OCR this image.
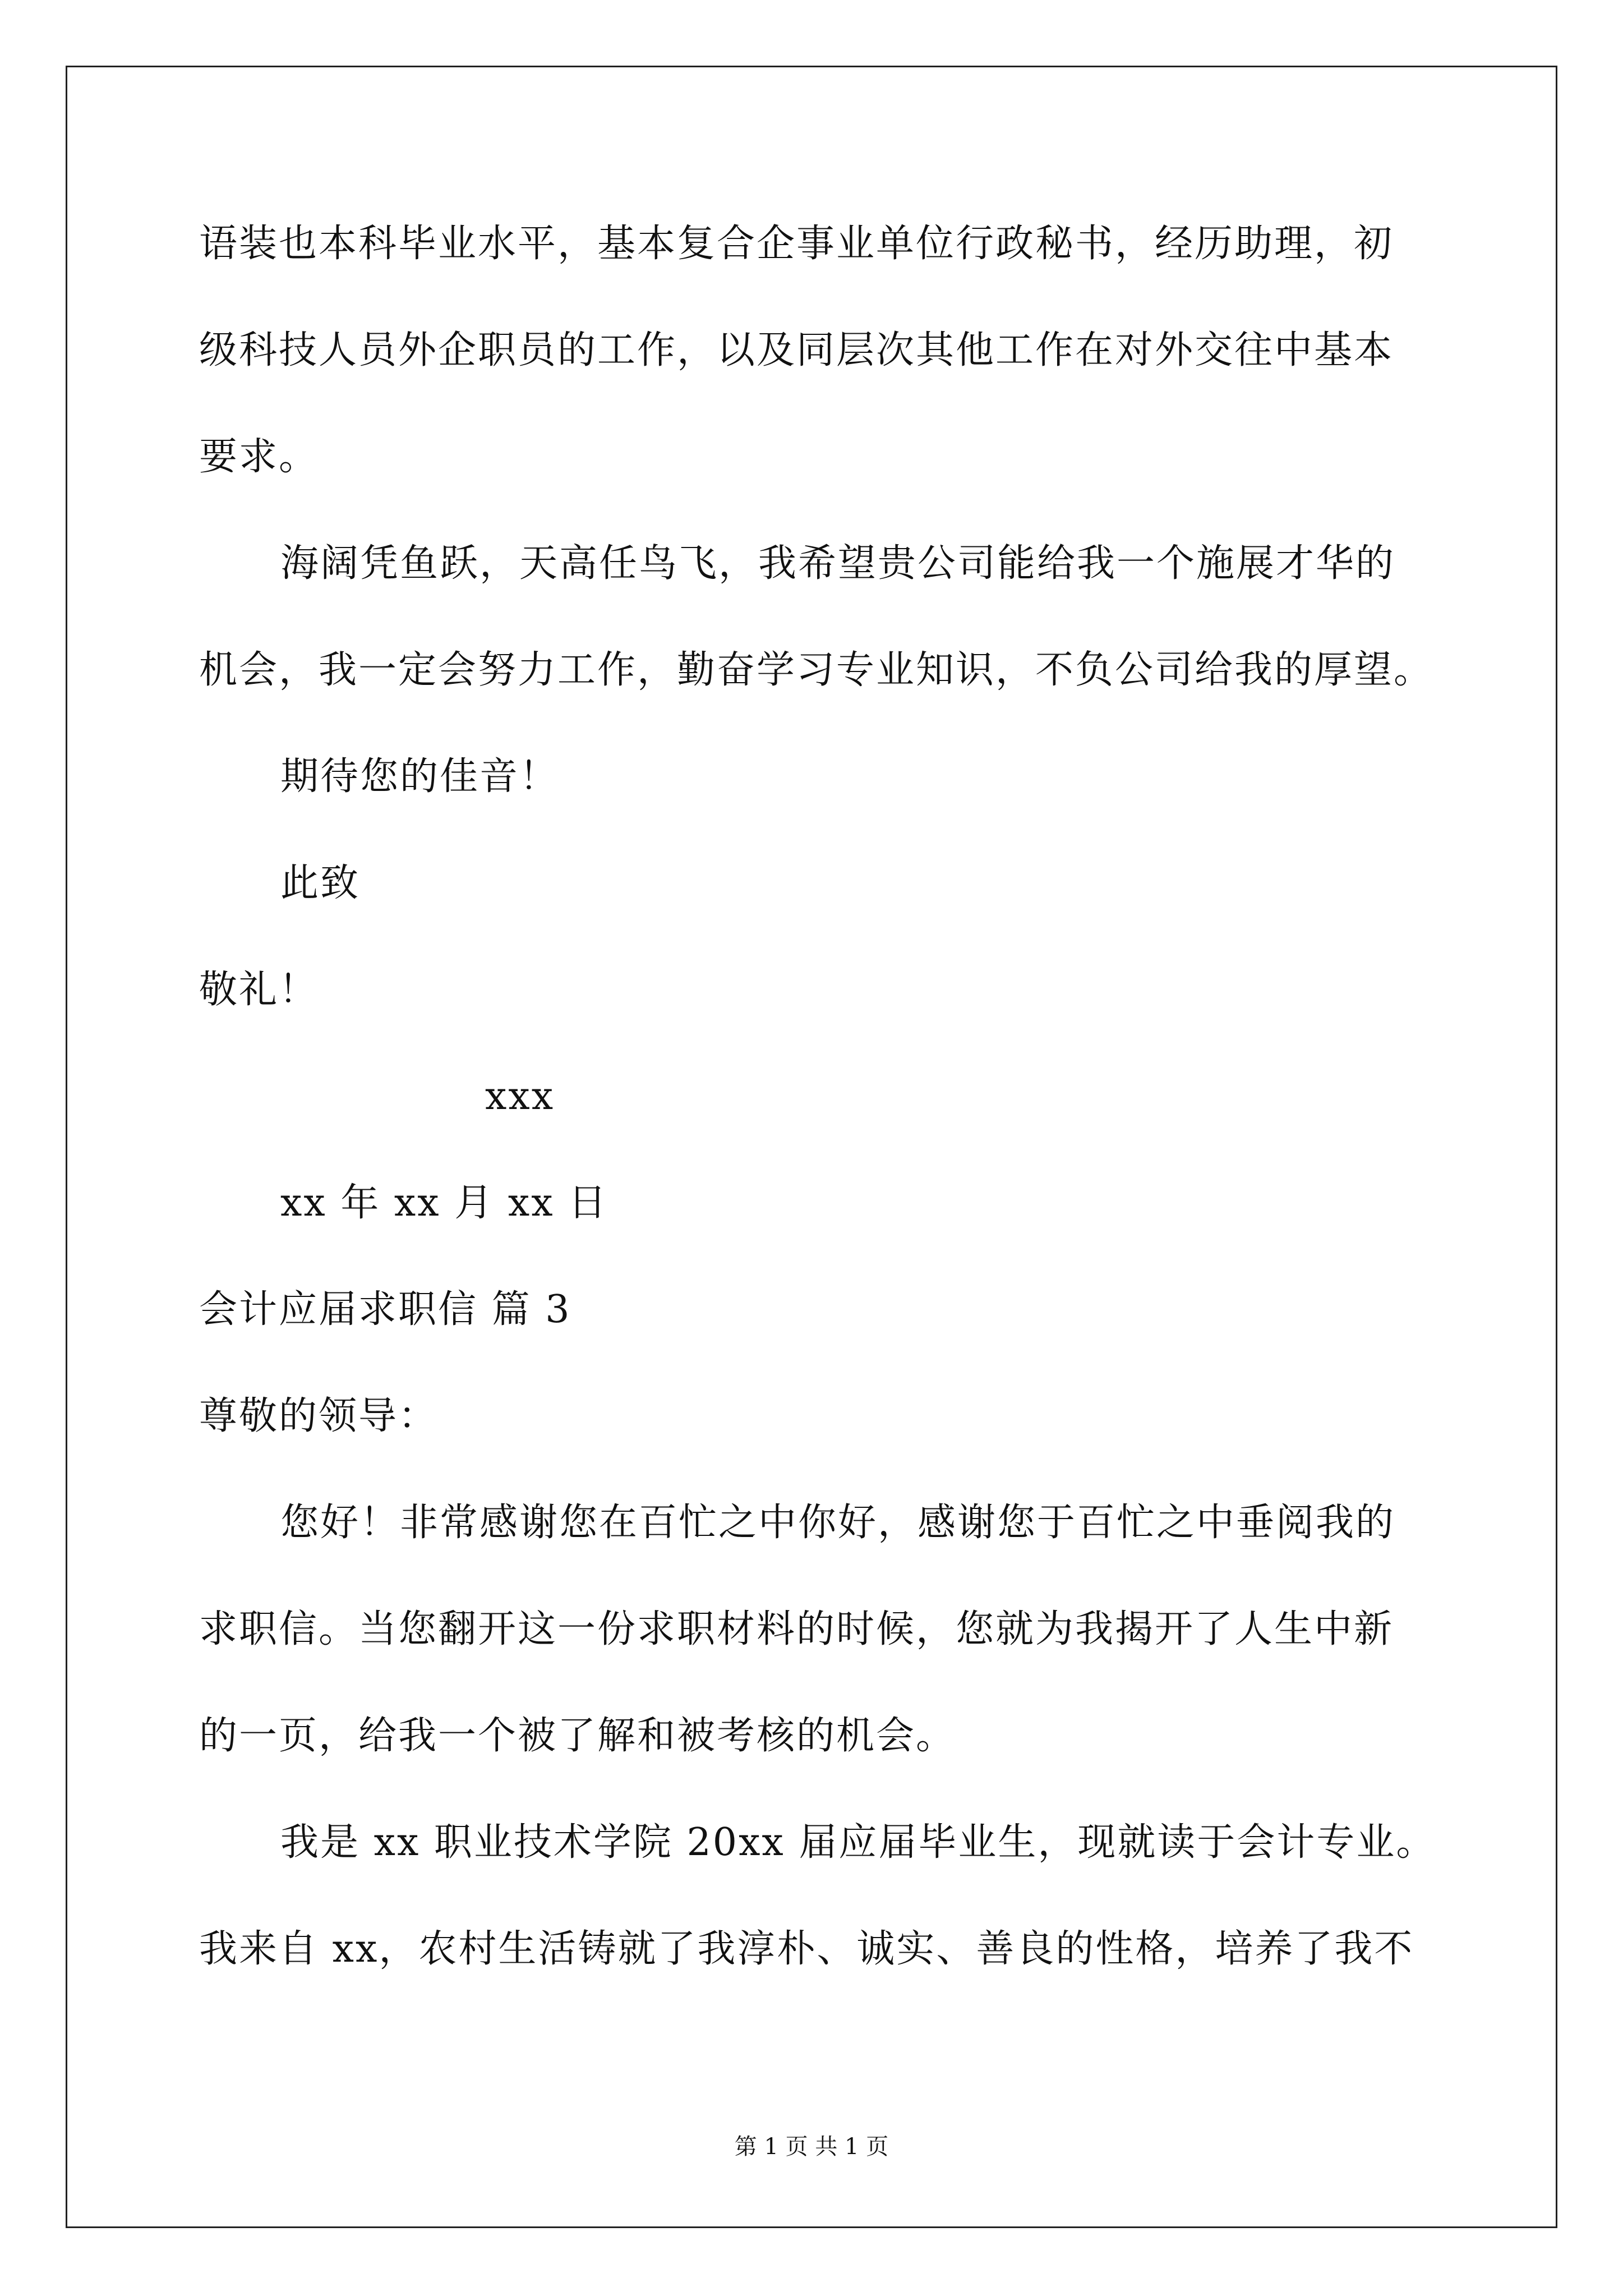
语装也本科毕业水平，基本复合企事业单位行政秘书，经历助理，初
级科技人员外企职员的工作，以及同层次其他工作在对外交往中基本
要求。
海阔凭鱼跃，天高任鸟飞，我希望贵公司能给我一个施展才华的
机会，我一定会努力工作，勤奋学习专业知识，不负公司给我的厚望。
期待您的佳音！
此致
敬礼！
xxx
xx 年 xx 月 xx 日
会计应届求职信 篇 3
尊敬的领导：
您好！非常感谢您在百忙之中你好，感谢您于百忙之中垂阅我的
求职信。当您翻开这一份求职材料的时候，您就为我揭开了人生中新
的一页，给我一个被了解和被考核的机会。
我是 xx 职业技术学院 20xx 届应届毕业生，现就读于会计专业。
我来自 xx，农村生活铸就了我淳朴、诚实、善良的性格，培养了我不
第 1 页 共 1 页
